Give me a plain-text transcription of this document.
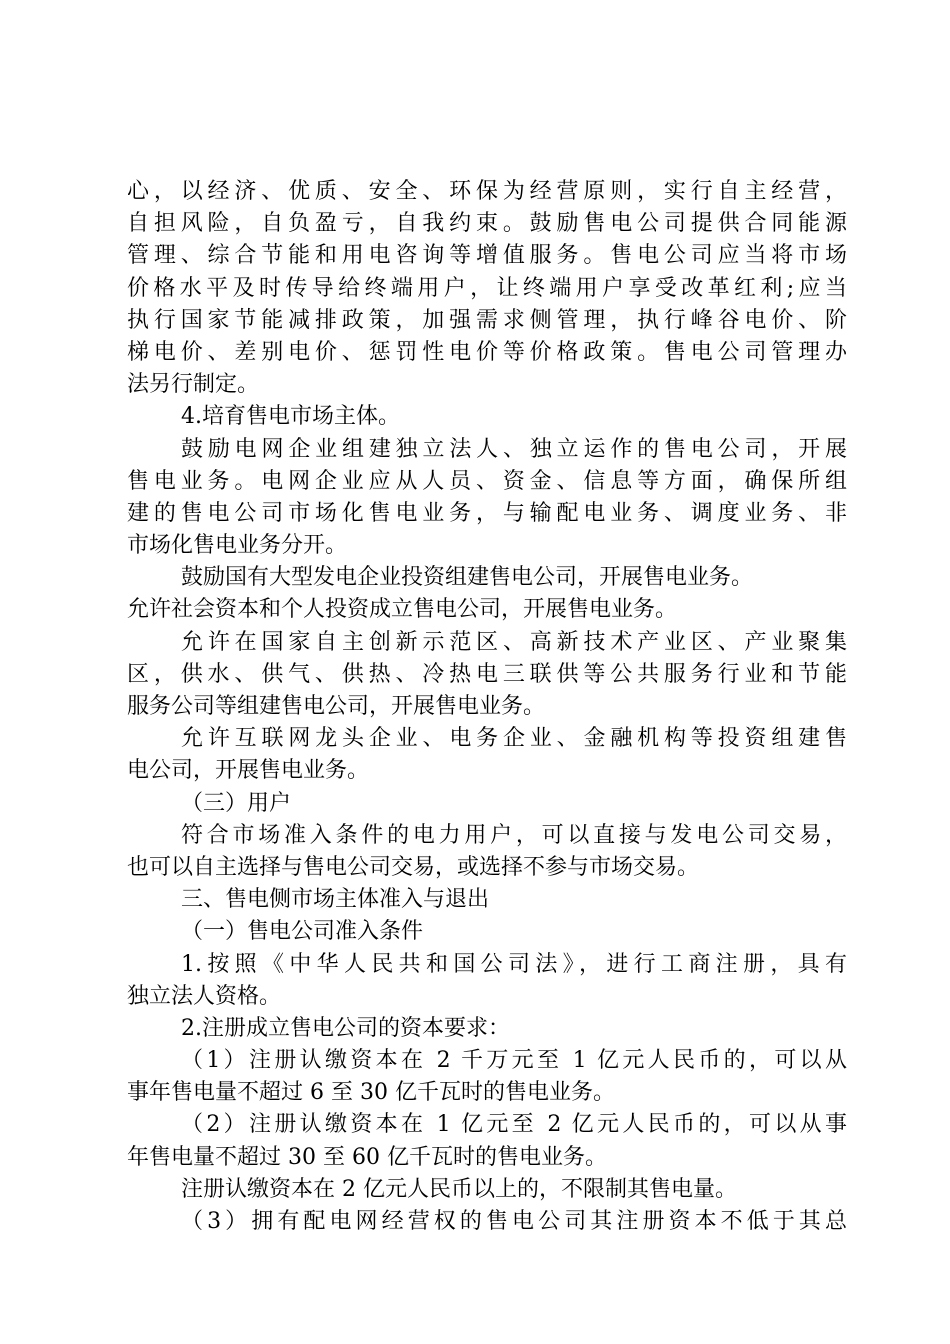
心，以经济、优质、安全、环保为经营原则，实行自主经营，
自担风险，自负盈亏，自我约束。鼓励售电公司提供合同能源
管理、综合节能和用电咨询等增值服务。售电公司应当将市场
价格水平及时传导给终端用户，让终端用户享受改革红利;应当
执行国家节能减排政策，加强需求侧管理，执行峰谷电价、阶
梯电价、差别电价、惩罚性电价等价格政策。售电公司管理办
法另行制定。
4.培育售电市场主体。
鼓励电网企业组建独立法人、独立运作的售电公司，开展
售电业务。电网企业应从人员、资金、信息等方面，确保所组
建的售电公司市场化售电业务，与输配电业务、调度业务、非
市场化售电业务分开。
鼓励国有大型发电企业投资组建售电公司，开展售电业务。
允许社会资本和个人投资成立售电公司，开展售电业务。
允许在国家自主创新示范区、高新技术产业区、产业聚集
区，供水、供气、供热、冷热电三联供等公共服务行业和节能
服务公司等组建售电公司，开展售电业务。
允许互联网龙头企业、电务企业、金融机构等投资组建售
电公司，开展售电业务。
（三）用户
符合市场准入条件的电力用户，可以直接与发电公司交易，
也可以自主选择与售电公司交易，或选择不参与市场交易。
三、售电侧市场主体准入与退出
（一）售电公司准入条件
1.按照《中华人民共和国公司法》，进行工商注册，具有
独立法人资格。
2.注册成立售电公司的资本要求：
（1）注册认缴资本在 2 千万元至 1 亿元人民币的，可以从
事年售电量不超过 6 至 30 亿千瓦时的售电业务。
（2）注册认缴资本在 1 亿元至 2 亿元人民币的，可以从事
年售电量不超过 30 至 60 亿千瓦时的售电业务。
注册认缴资本在 2 亿元人民币以上的，不限制其售电量。
（3）拥有配电网经营权的售电公司其注册资本不低于其总
